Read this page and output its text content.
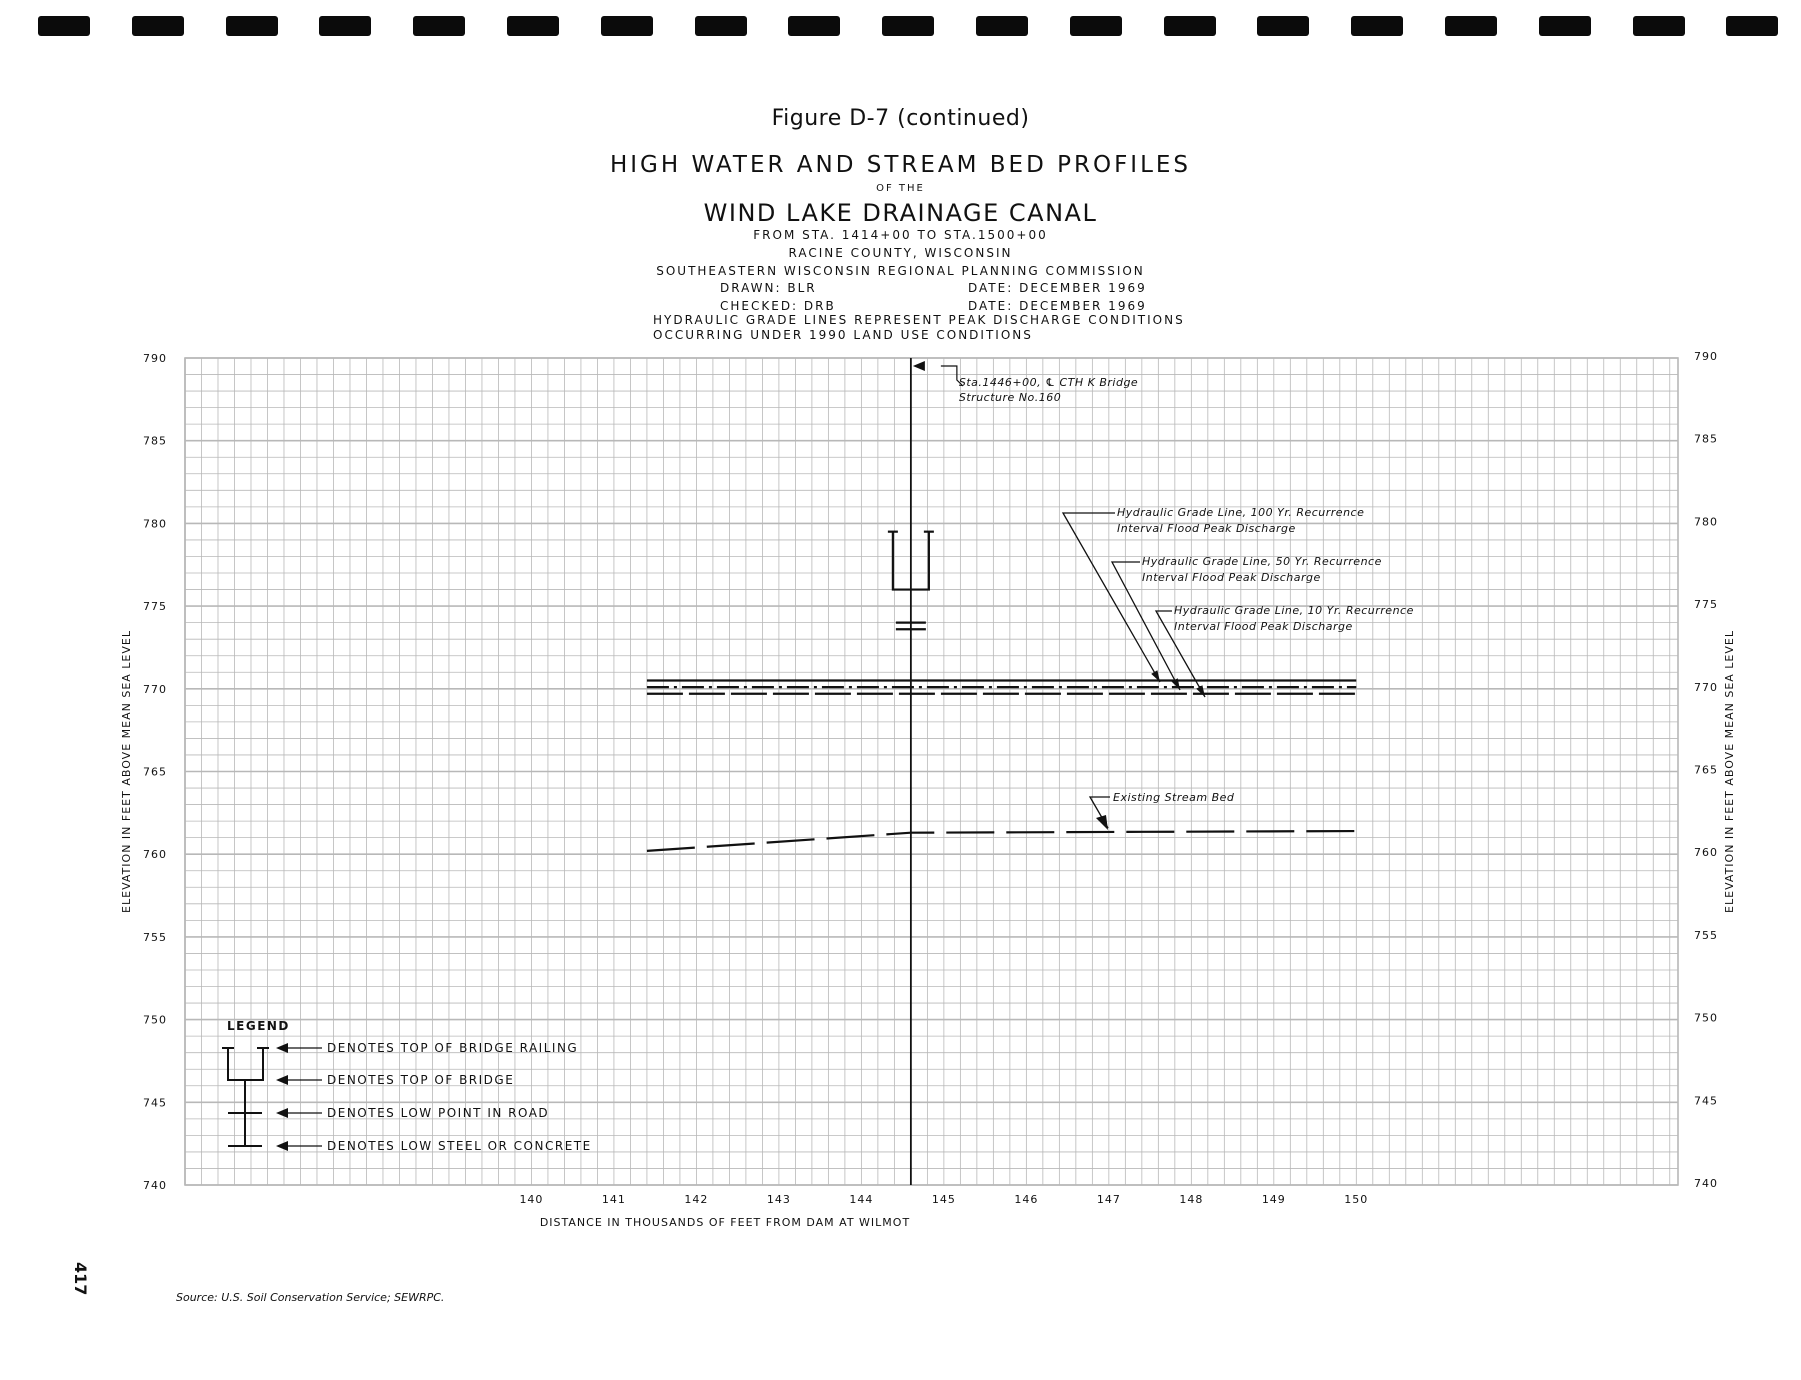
Figure D-7 (continued)
HIGH WATER AND STREAM BED PROFILES
OF THE
WIND LAKE DRAINAGE CANAL
FROM STA. 1414+00 TO STA.1500+00
RACINE COUNTY, WISCONSIN
SOUTHEASTERN WISCONSIN REGIONAL PLANNING COMMISSION
DRAWN: BLR	DATE: DECEMBER 1969
CHECKED: DRB	DATE: DECEMBER 1969
HYDRAULIC GRADE LINES REPRESENT PEAK DISCHARGE CONDITIONS
OCCURRING UNDER 1990 LAND USE CONDITIONS
740	740
745	745
750	750
755	755
760	760
765	765
770	770
775	775
780	780
785	785
790	790
140	141	142	143	144	145	146	147	148	149	150
DISTANCE IN THOUSANDS OF FEET FROM DAM AT WILMOT
ELEVATION IN FEET ABOVE MEAN SEA LEVEL	ELEVATION IN FEET ABOVE MEAN SEA LEVEL
Sta.1446+00, ℄ CTH K Bridge
Structure No.160
Hydraulic Grade Line, 100 Yr. Recurrence
Interval Flood Peak Discharge
Hydraulic Grade Line, 50 Yr. Recurrence
Interval Flood Peak Discharge
Hydraulic Grade Line, 10 Yr. Recurrence
Interval Flood Peak Discharge
Existing Stream Bed
LEGEND
DENOTES TOP OF BRIDGE RAILING
DENOTES TOP OF BRIDGE
DENOTES LOW POINT IN ROAD
DENOTES LOW STEEL OR CONCRETE
417
Source: U.S. Soil Conservation Service; SEWRPC.
